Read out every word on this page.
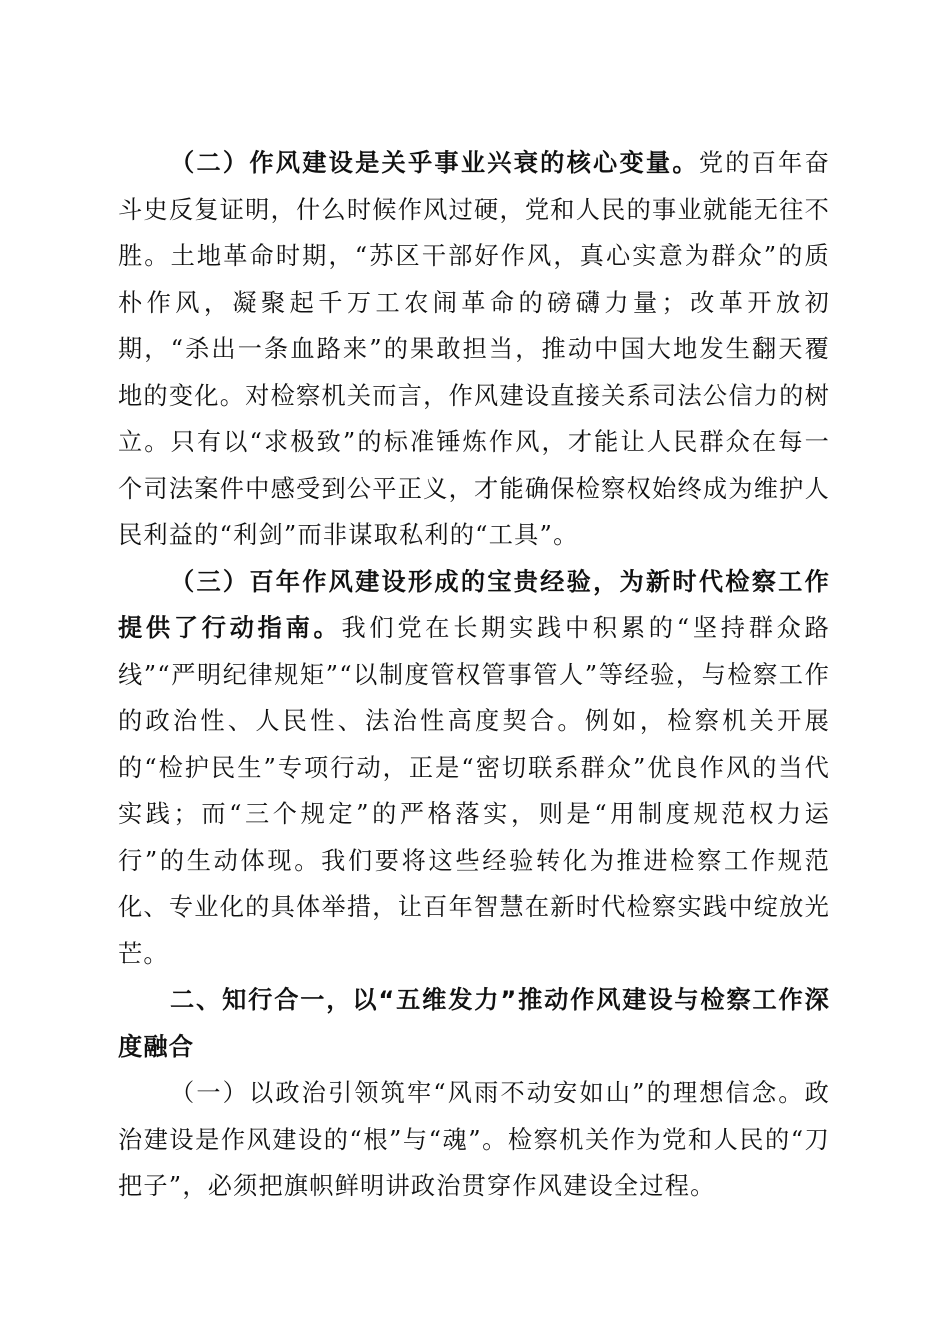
（二）作风建设是关乎事业兴衰的核心变量。党的百年奋斗史反复证明，什么时候作风过硬，党和人民的事业就能无往不胜。土地革命时期，“苏区干部好作风，真心实意为群众”的质朴作风，凝聚起千万工农闹革命的磅礴力量；改革开放初期，“杀出一条血路来”的果敢担当，推动中国大地发生翻天覆地的变化。对检察机关而言，作风建设直接关系司法公信力的树立。只有以“求极致”的标准锤炼作风，才能让人民群众在每一个司法案件中感受到公平正义，才能确保检察权始终成为维护人民利益的“利剑”而非谋取私利的“工具”。

（三）百年作风建设形成的宝贵经验，为新时代检察工作提供了行动指南。我们党在长期实践中积累的“坚持群众路线”“严明纪律规矩”“以制度管权管事管人”等经验，与检察工作的政治性、人民性、法治性高度契合。例如，检察机关开展的“检护民生”专项行动，正是“密切联系群众”优良作风的当代实践；而“三个规定”的严格落实，则是“用制度规范权力运行”的生动体现。我们要将这些经验转化为推进检察工作规范化、专业化的具体举措，让百年智慧在新时代检察实践中绽放光芒。

二、知行合一，以“五维发力”推动作风建设与检察工作深度融合

（一）以政治引领筑牢“风雨不动安如山”的理想信念。政治建设是作风建设的“根”与“魂”。检察机关作为党和人民的“刀把子”，必须把旗帜鲜明讲政治贯穿作风建设全过程。
